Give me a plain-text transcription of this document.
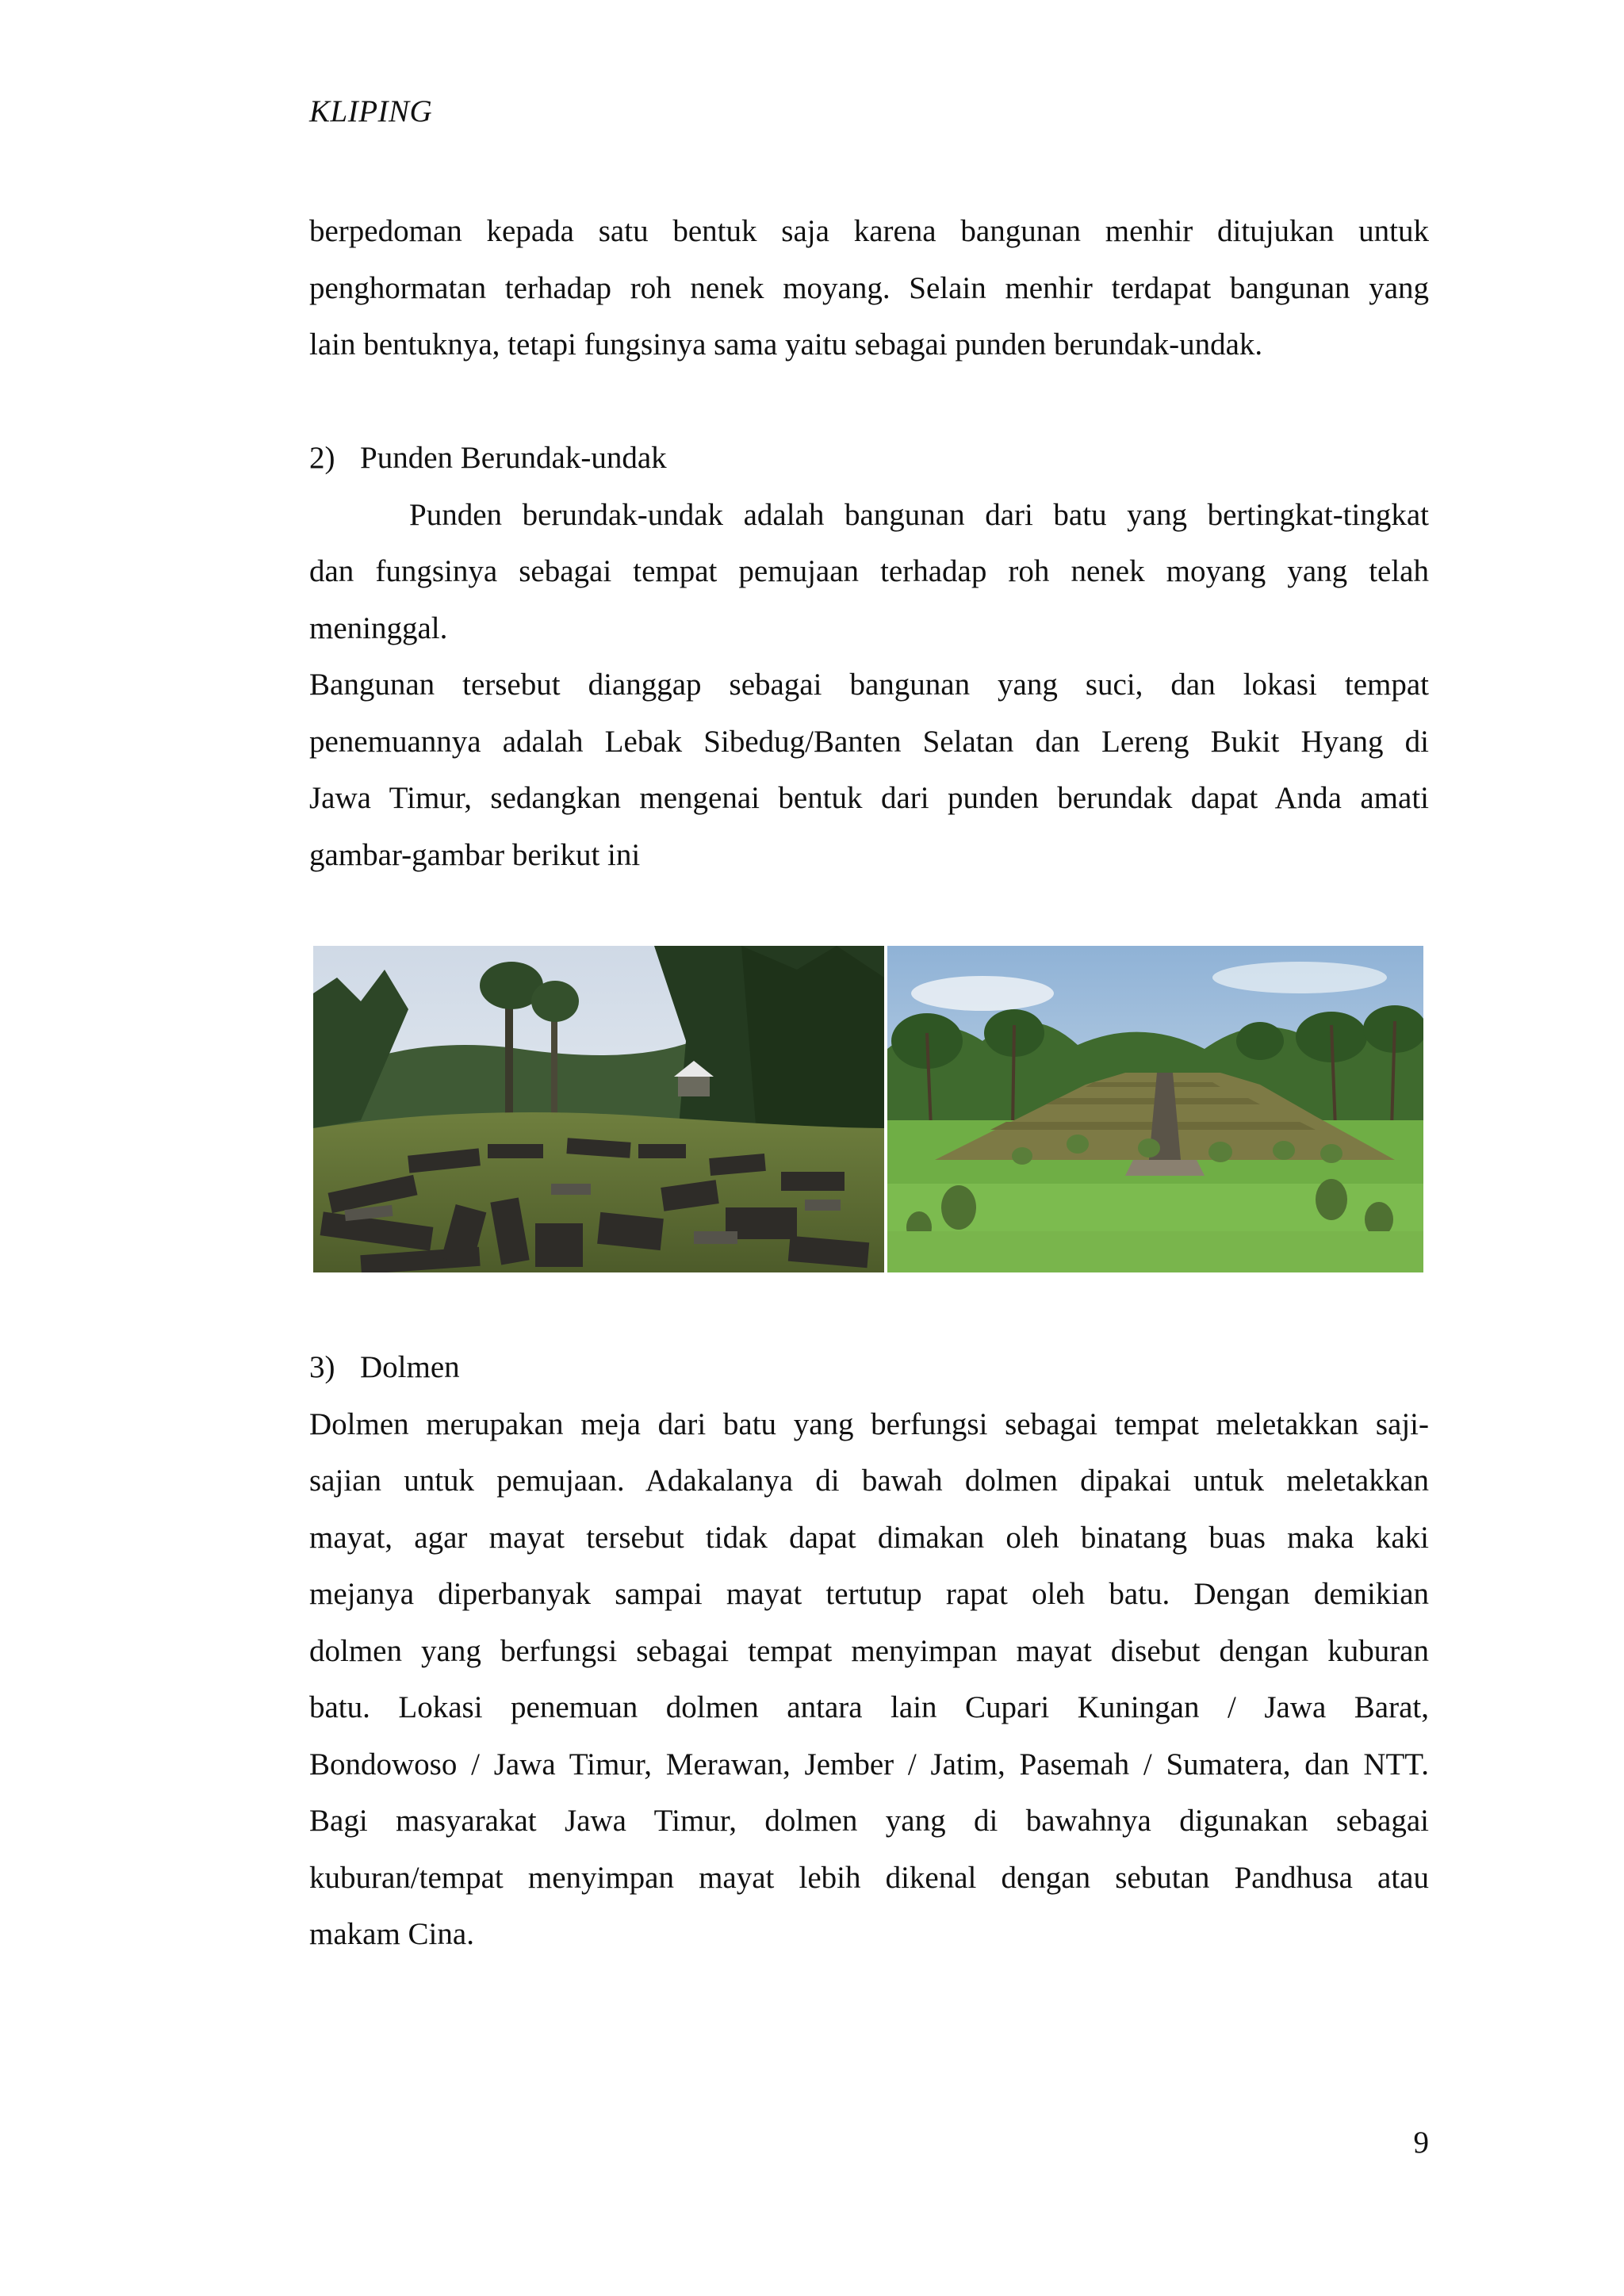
KLIPING
berpedoman kepada satu bentuk saja karena bangunan menhir ditujukan untuk
penghormatan terhadap roh nenek moyang. Selain menhir terdapat bangunan yang
lain bentuknya, tetapi fungsinya sama yaitu sebagai punden berundak-undak.
2) Punden Berundak-undak
Punden berundak-undak adalah bangunan dari batu yang bertingkat-tingkat
dan fungsinya sebagai tempat pemujaan terhadap roh nenek moyang yang telah
meninggal.
Bangunan tersebut dianggap sebagai bangunan yang suci, dan lokasi tempat
penemuannya adalah Lebak Sibedug/Banten Selatan dan Lereng Bukit Hyang di
Jawa Timur, sedangkan mengenai bentuk dari punden berundak dapat Anda amati
gambar-gambar berikut ini
3) Dolmen
Dolmen merupakan meja dari batu yang berfungsi sebagai tempat meletakkan saji-
sajian untuk pemujaan. Adakalanya di bawah dolmen dipakai untuk meletakkan
mayat, agar mayat tersebut tidak dapat dimakan oleh binatang buas maka kaki
mejanya diperbanyak sampai mayat tertutup rapat oleh batu. Dengan demikian
dolmen yang berfungsi sebagai tempat menyimpan mayat disebut dengan kuburan
batu. Lokasi penemuan dolmen antara lain Cupari Kuningan / Jawa Barat,
Bondowoso / Jawa Timur, Merawan, Jember / Jatim, Pasemah / Sumatera, dan NTT.
Bagi masyarakat Jawa Timur, dolmen yang di bawahnya digunakan sebagai
kuburan/tempat menyimpan mayat lebih dikenal dengan sebutan Pandhusa atau
makam Cina.
9
